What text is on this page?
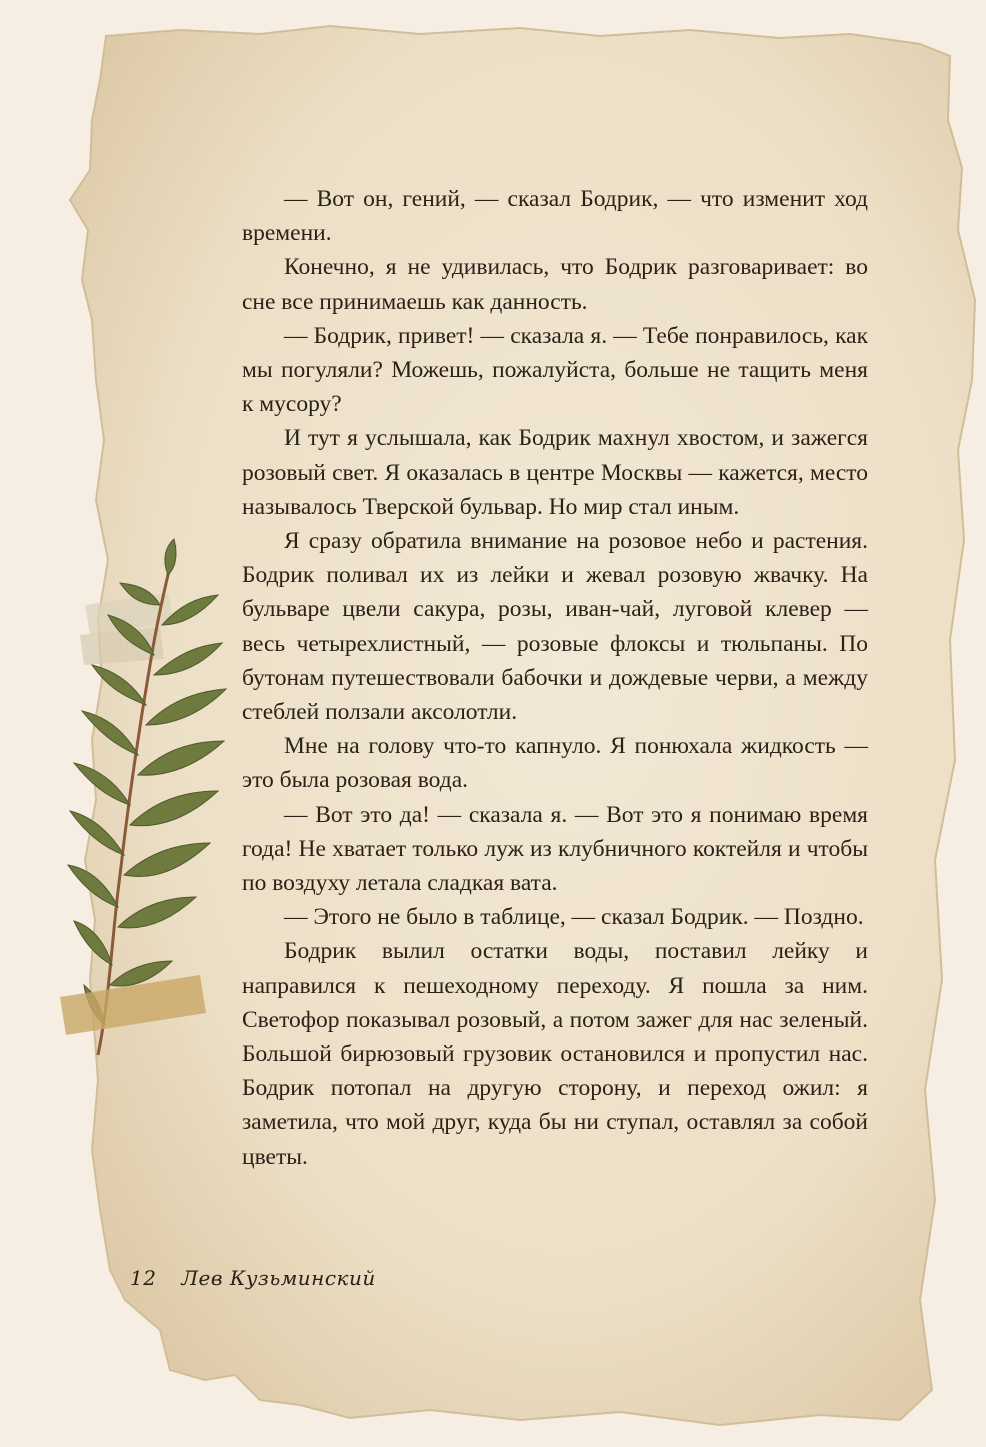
— Вот он, гений, — сказал Бодрик, — что изменит ход времени.

Конечно, я не удивилась, что Бодрик разговаривает: во сне все принимаешь как данность.

— Бодрик, привет! — сказала я. — Тебе понравилось, как мы погуляли? Можешь, пожалуйста, больше не тащить меня к мусору?

И тут я услышала, как Бодрик махнул хвостом, и зажегся розовый свет. Я оказалась в центре Москвы — кажется, место называлось Тверской бульвар. Но мир стал иным.

Я сразу обратила внимание на розовое небо и растения. Бодрик поливал их из лейки и жевал розовую жвачку. На бульваре цвели сакура, розы, иван-чай, луговой клевер — весь четырехлистный, — розовые флоксы и тюльпаны. По бутонам путешествовали бабочки и дождевые черви, а между стеблей ползали аксолотли.

Мне на голову что-то капнуло. Я понюхала жидкость — это была розовая вода.

— Вот это да! — сказала я. — Вот это я понимаю время года! Не хватает только луж из клубничного коктейля и чтобы по воздуху летала сладкая вата.

— Этого не было в таблице, — сказал Бодрик. — Поздно.

Бодрик вылил остатки воды, поставил лейку и направился к пешеходному переходу. Я пошла за ним. Светофор показывал розовый, а потом зажег для нас зеленый. Большой бирюзовый грузовик остановился и пропустил нас. Бодрик потопал на другую сторону, и переход ожил: я заметила, что мой друг, куда бы ни ступал, оставлял за собой цветы.

12 Лев Кузьминский
